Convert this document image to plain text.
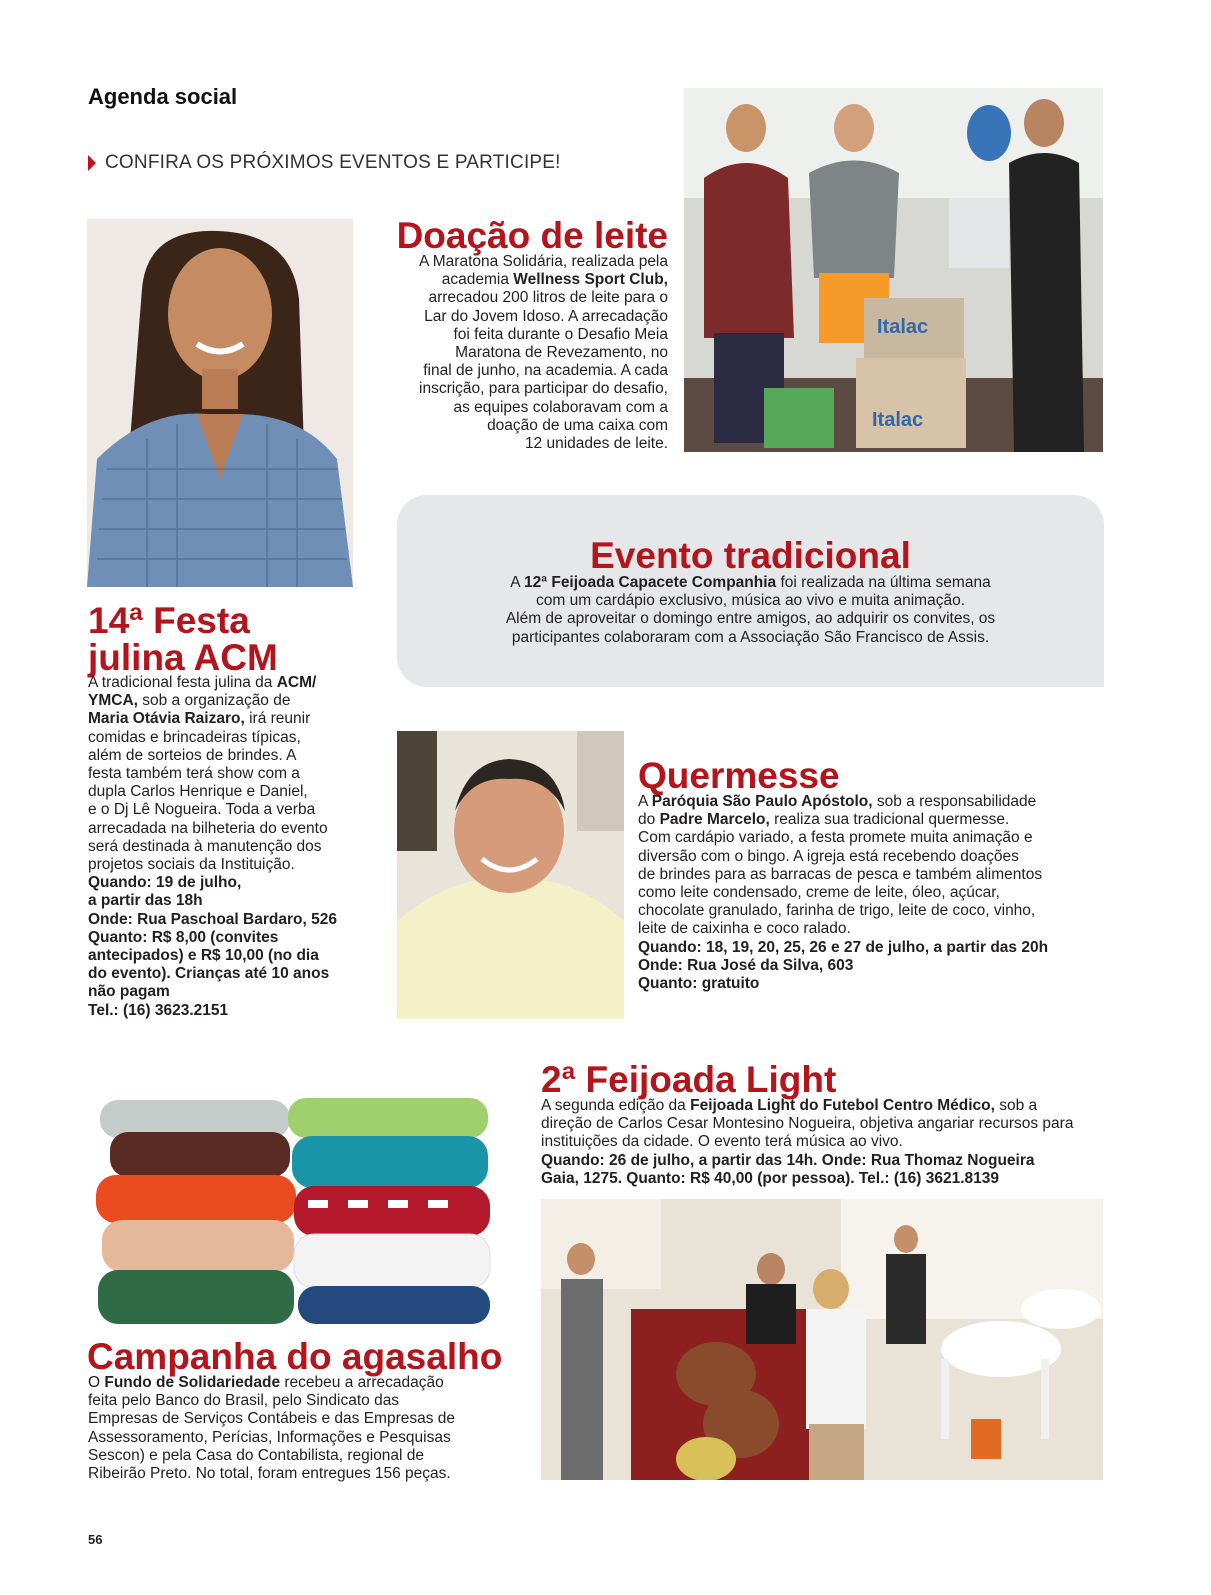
Agenda social
CONFIRA OS PRÓXIMOS EVENTOS E PARTICIPE!
Italac
Italac
Doação de leite
A Maratona Solidária, realizada pela
academia Wellness Sport Club,
arrecadou 200 litros de leite para o
Lar do Jovem Idoso. A arrecadação
foi feita durante o Desafio Meia
Maratona de Revezamento, no
final de junho, na academia. A cada
inscrição, para participar do desafio,
as equipes colaboravam com a
doação de uma caixa com
12 unidades de leite.
Evento tradicional
A 12ª Feijoada Capacete Companhia foi realizada na última semana
com um cardápio exclusivo, música ao vivo e muita animação.
Além de aproveitar o domingo entre amigos, ao adquirir os convites, os
participantes colaboraram com a Associação São Francisco de Assis.
14ª Festa
julina ACM
A tradicional festa julina da ACM/
YMCA, sob a organização de
Maria Otávia Raizaro, irá reunir
comidas e brincadeiras típicas,
além de sorteios de brindes. A
festa também terá show com a
dupla Carlos Henrique e Daniel,
e o Dj Lê Nogueira. Toda a verba
arrecadada na bilheteria do evento
será destinada à manutenção dos
projetos sociais da Instituição.
Quando: 19 de julho,
a partir das 18h
Onde: Rua Paschoal Bardaro, 526
Quanto: R$ 8,00 (convites
antecipados) e R$ 10,00 (no dia
do evento). Crianças até 10 anos
não pagam
Tel.: (16) 3623.2151
Quermesse
A Paróquia São Paulo Apóstolo, sob a responsabilidade
do Padre Marcelo, realiza sua tradicional quermesse.
Com cardápio variado, a festa promete muita animação e
diversão com o bingo. A igreja está recebendo doações
de brindes para as barracas de pesca e também alimentos
como leite condensado, creme de leite, óleo, açúcar,
chocolate granulado, farinha de trigo, leite de coco, vinho,
leite de caixinha e coco ralado.
Quando: 18, 19, 20, 25, 26 e 27 de julho, a partir das 20h
Onde: Rua José da Silva, 603
Quanto: gratuito
Campanha do agasalho
O Fundo de Solidariedade recebeu a arrecadação
feita pelo Banco do Brasil, pelo Sindicato das
Empresas de Serviços Contábeis e das Empresas de
Assessoramento, Perícias, Informações e Pesquisas
Sescon) e pela Casa do Contabilista, regional de
Ribeirão Preto. No total, foram entregues 156 peças.
2ª Feijoada Light
A segunda edição da Feijoada Light do Futebol Centro Médico, sob a
direção de Carlos Cesar Montesino Nogueira, objetiva angariar recursos para
instituições da cidade. O evento terá música ao vivo.
Quando: 26 de julho, a partir das 14h. Onde: Rua Thomaz Nogueira
Gaia, 1275. Quanto: R$ 40,00 (por pessoa). Tel.: (16) 3621.8139
56
